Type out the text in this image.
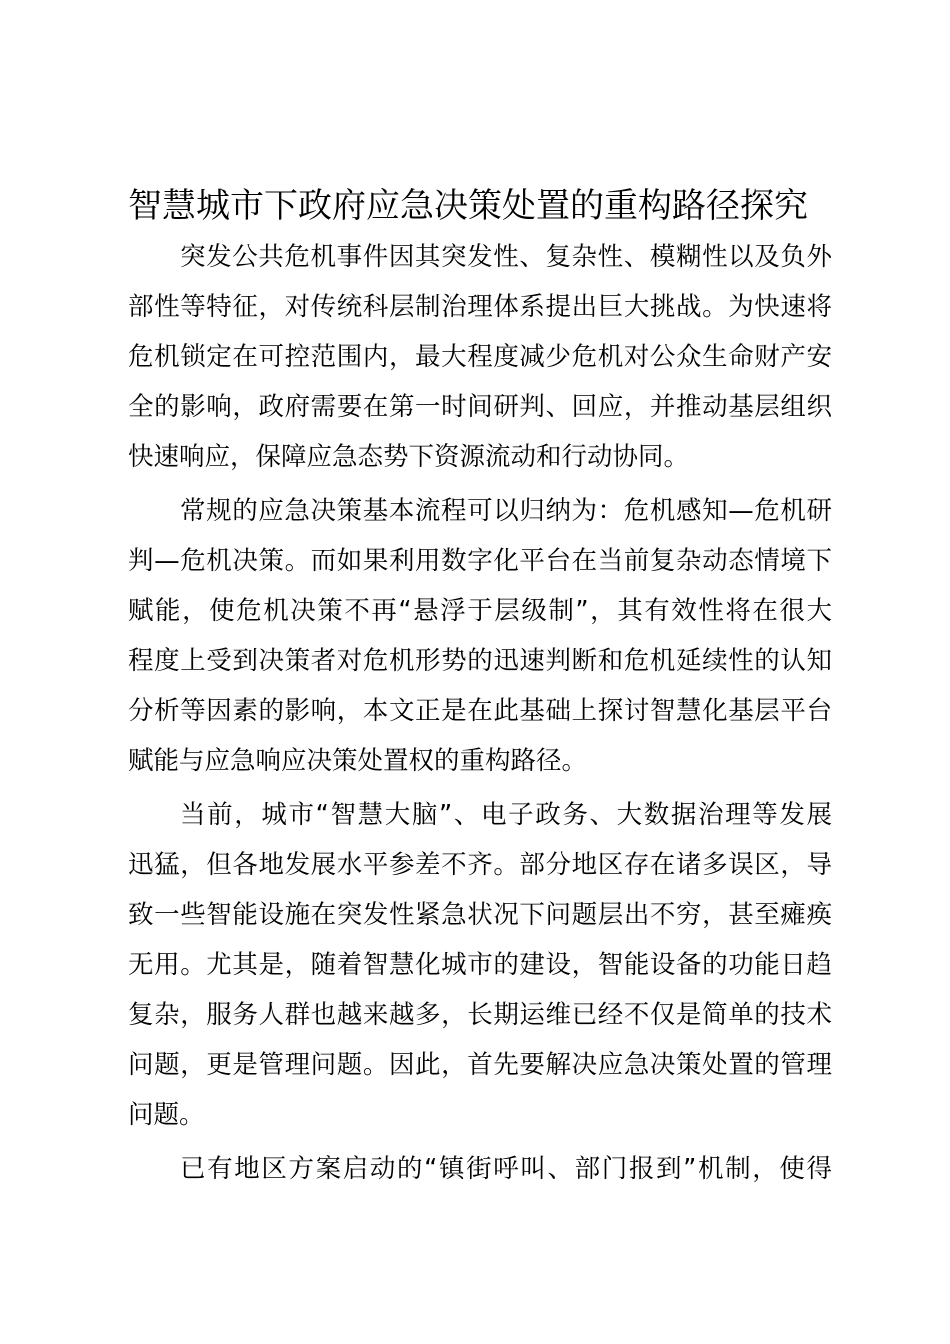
智慧城市下政府应急决策处置的重构路径探究

突发公共危机事件因其突发性、复杂性、模糊性以及负外
部性等特征，对传统科层制治理体系提出巨大挑战。为快速将
危机锁定在可控范围内，最大程度减少危机对公众生命财产安
全的影响，政府需要在第一时间研判、回应，并推动基层组织
快速响应，保障应急态势下资源流动和行动协同。

常规的应急决策基本流程可以归纳为：危机感知—危机研
判—危机决策。而如果利用数字化平台在当前复杂动态情境下
赋能，使危机决策不再“悬浮于层级制”，其有效性将在很大
程度上受到决策者对危机形势的迅速判断和危机延续性的认知
分析等因素的影响，本文正是在此基础上探讨智慧化基层平台
赋能与应急响应决策处置权的重构路径。

当前，城市“智慧大脑”、电子政务、大数据治理等发展
迅猛，但各地发展水平参差不齐。部分地区存在诸多误区，导
致一些智能设施在突发性紧急状况下问题层出不穷，甚至瘫痪
无用。尤其是，随着智慧化城市的建设，智能设备的功能日趋
复杂，服务人群也越来越多，长期运维已经不仅是简单的技术
问题，更是管理问题。因此，首先要解决应急决策处置的管理
问题。

已有地区方案启动的“镇街呼叫、部门报到”机制，使得
